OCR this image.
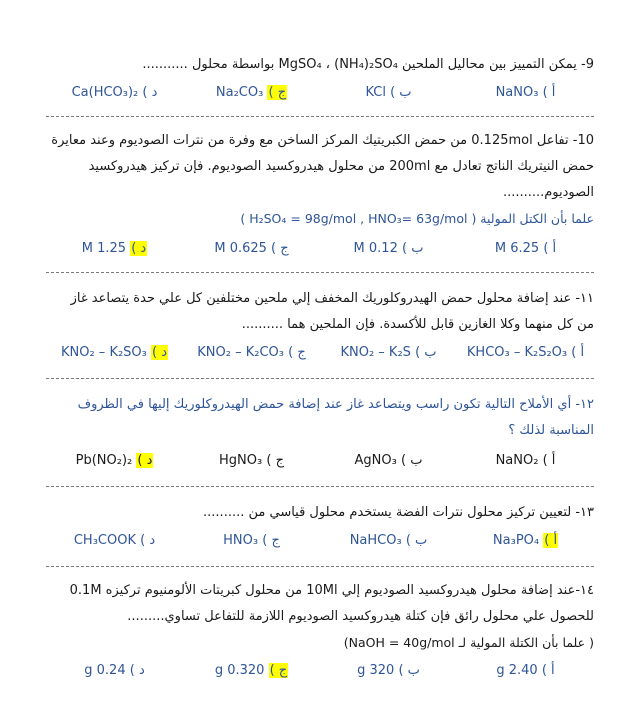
9- يمكن التمييز بين محاليل الملحين MgSO₄ ، (NH₄)₂SO₄ بواسطة محلول ...........
أ ) NaNO₃
ب ) KCl
ج ) Na₂CO₃
د ) Ca(HCO₃)₂
10- تفاعل 0.125mol من حمض الكبريتيك المركز الساخن مع وفرة من نترات الصوديوم وعند معايرة
حمض النيتريك الناتج تعادل مع 200ml من محلول هيدروكسيد الصوديوم. فإن تركيز هيدروكسيد
الصوديوم..........
علما بأن الكتل المولية ( H₂SO₄ = 98g/mol , HNO₃= 63g/mol )
أ ) 6.25 M
ب ) 0.12 M
ج ) 0.625 M
د ) 1.25 M
١١- عند إضافة محلول حمض الهيدروكلوريك المخفف إلي ملحين مختلفين كل علي حدة يتصاعد غاز
من كل منهما وكلا الغازين قابل للأكسدة. فإن الملحين هما ..........
أ ) KHCO₃ – K₂S₂O₃
ب ) KNO₂ – K₂S
ج ) KNO₂ – K₂CO₃
د ) KNO₂ – K₂SO₃
١٢- أي الأملاح التالية تكون راسب ويتصاعد غاز عند إضافة حمض الهيدروكلوريك إليها في الظروف
المناسبة لذلك ؟
أ ) NaNO₂
ب ) AgNO₃
ج ) HgNO₃
د ) Pb(NO₂)₂
١٣- لتعيين تركيز محلول نترات الفضة يستخدم محلول قياسي من ..........
أ ) Na₃PO₄
ب ) NaHCO₃
ج ) HNO₃
د ) CH₃COOK
١٤-عند إضافة محلول هيدروكسيد الصوديوم إلي 10Ml من محلول كبريتات الألومنيوم تركيزه 0.1M
للحصول علي محلول رائق فإن كتلة هيدروكسيد الصوديوم اللازمة للتفاعل تساوي.........
( علما بأن الكتلة المولية لـ NaOH = 40g/mol)
أ ) 2.40 g
ب ) 320 g
ج ) 0.320 g
د ) 0.24 g
